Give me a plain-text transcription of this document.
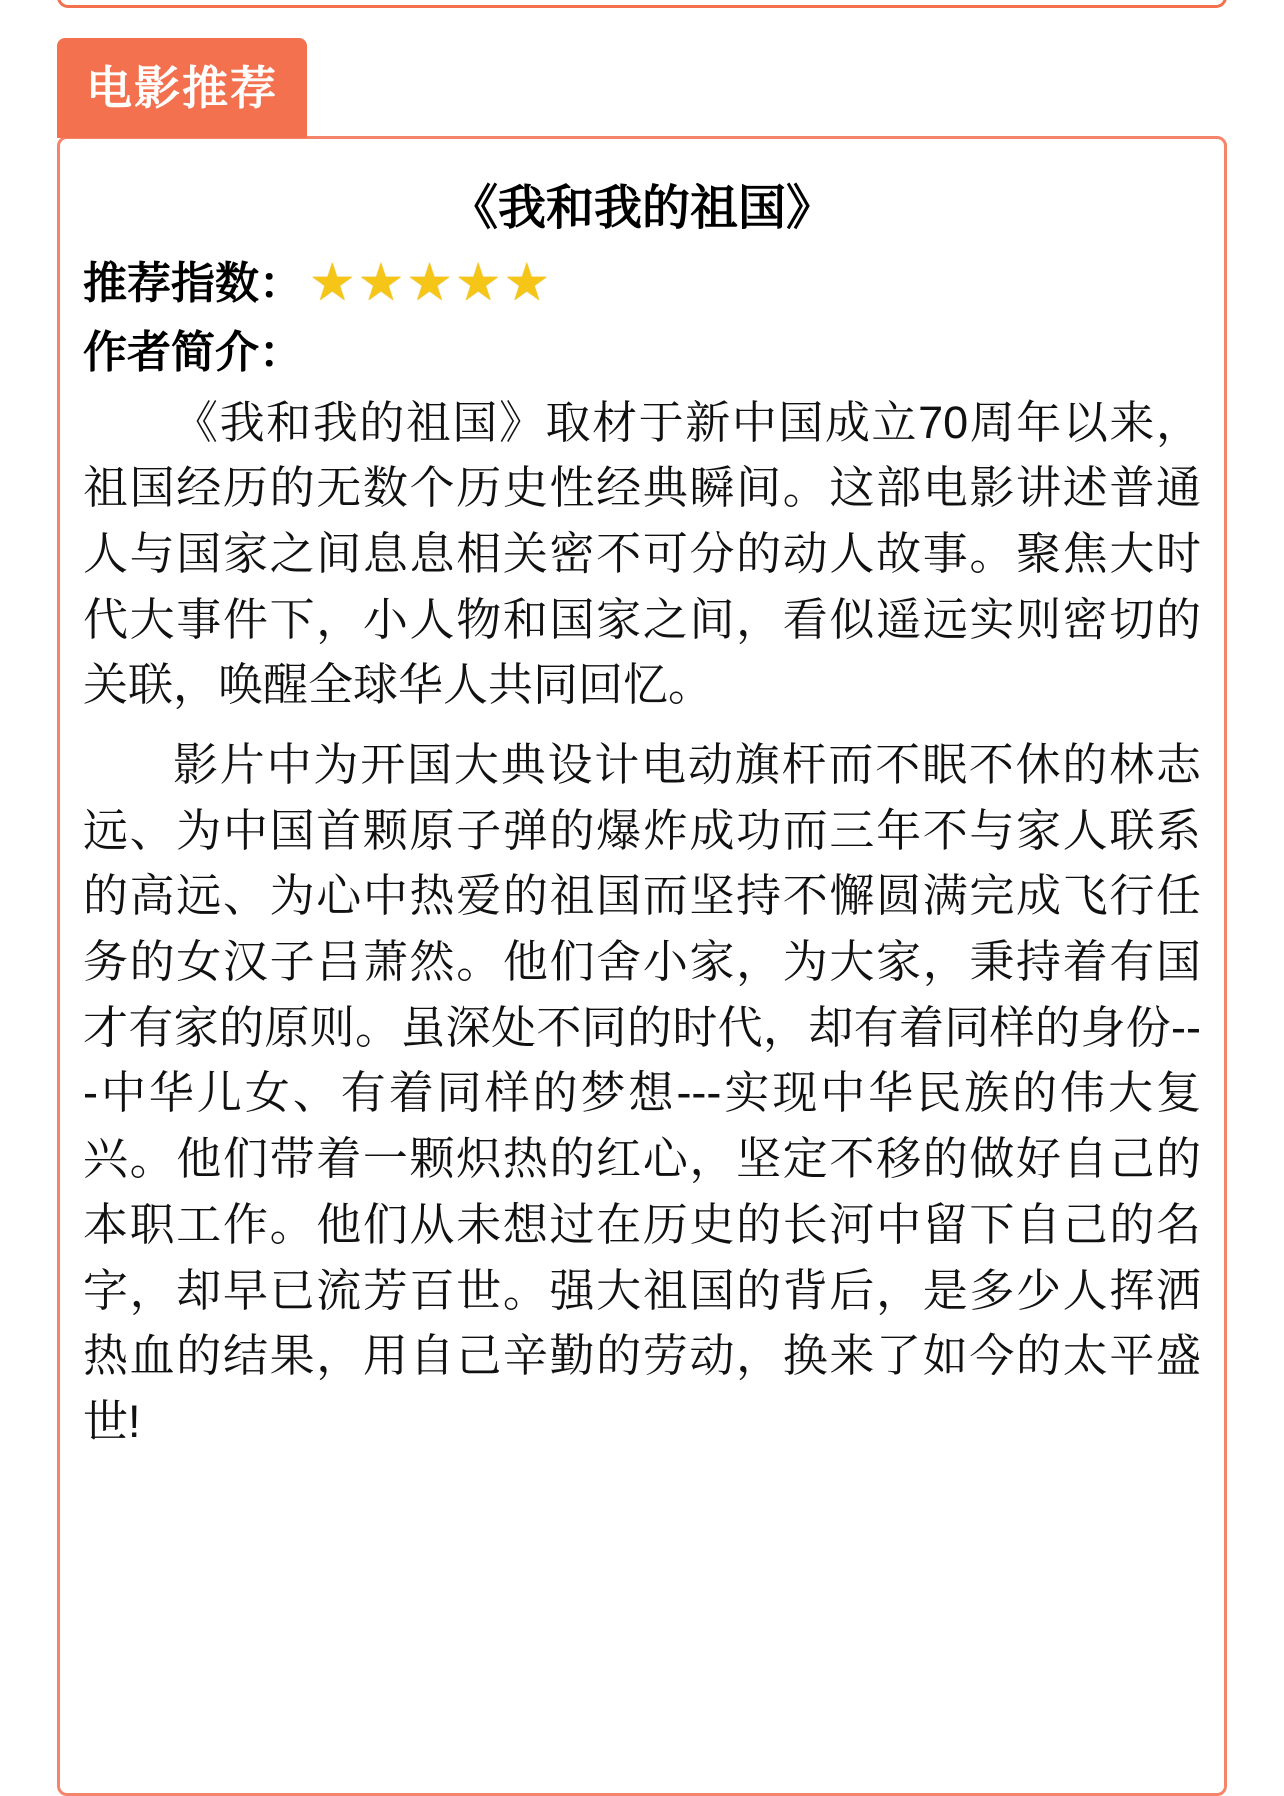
电影推荐
《我和我的祖国》
推荐指数： ★ ★ ★ ★ ★
作者简介：

《我和我的祖国》取材于新中国成立70周年以来，祖国经历的无数个历史性经典瞬间。这部电影讲述普通人与国家之间息息相关密不可分的动人故事。聚焦大时代大事件下，小人物和国家之间，看似遥远实则密切的关联，唤醒全球华人共同回忆。

影片中为开国大典设计电动旗杆而不眠不休的林志远、为中国首颗原子弹的爆炸成功而三年不与家人联系的高远、为心中热爱的祖国而坚持不懈圆满完成飞行任务的女汉子吕萧然。他们舍小家，为大家，秉持着有国才有家的原则。虽深处不同的时代，却有着同样的身份---中华儿女、有着同样的梦想---实现中华民族的伟大复兴。他们带着一颗炽热的红心，坚定不移的做好自己的本职工作。他们从未想过在历史的长河中留下自己的名字，却早已流芳百世。强大祖国的背后，是多少人挥洒热血的结果，用自己辛勤的劳动，换来了如今的太平盛世!
